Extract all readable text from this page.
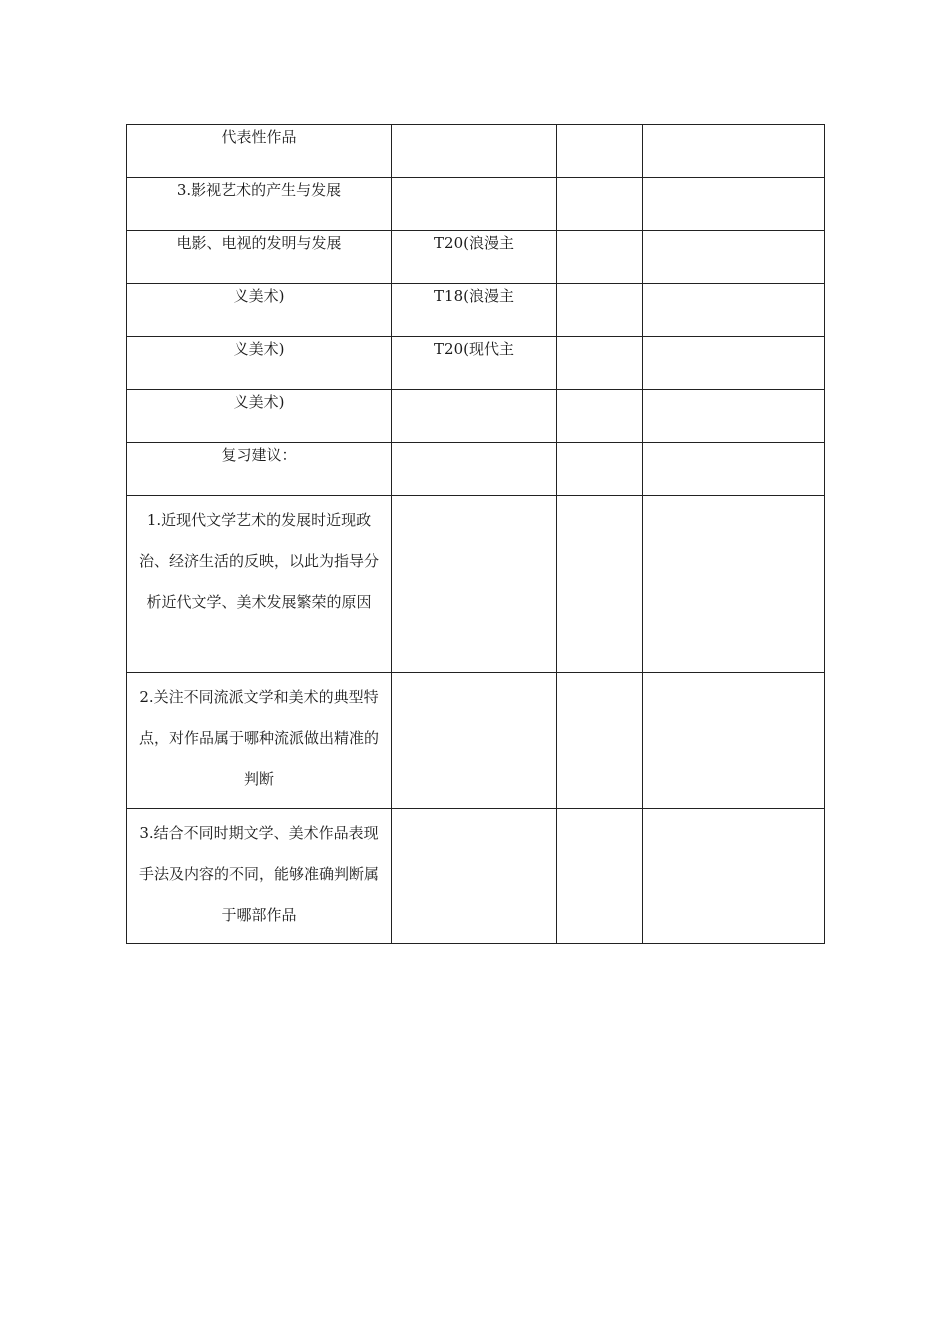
代表性作品			
3.影视艺术的产生与发展			
电影、电视的发明与发展	T20(浪漫主		
义美术)	T18(浪漫主		
义美术)	T20(现代主		
义美术)			
复习建议：			
1.近现代文学艺术的发展时近现政治、经济生活的反映，以此为指导分析近代文学、美术发展繁荣的原因			
2.关注不同流派文学和美术的典型特点，对作品属于哪种流派做出精准的判断			
3.结合不同时期文学、美术作品表现手法及内容的不同，能够准确判断属于哪部作品			
